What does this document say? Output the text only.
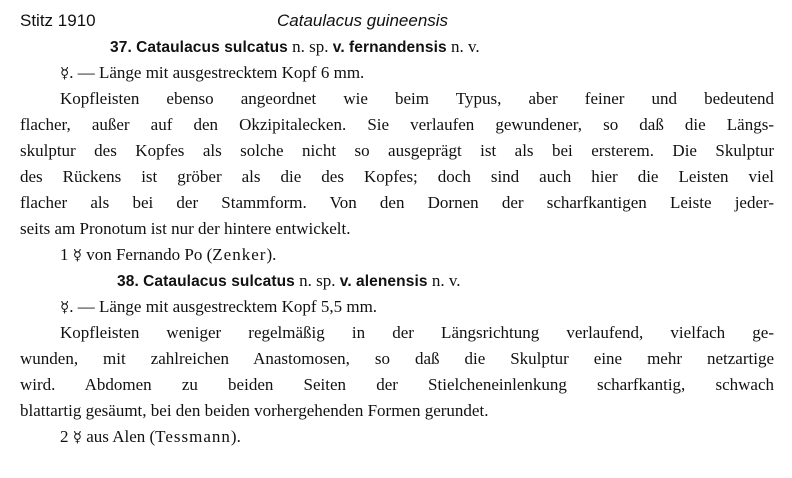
Stitz 1910	Cataulacus guineensis
37. Cataulacus sulcatus n. sp. v. fernandensis n. v.
☿. — Länge mit ausgestrecktem Kopf 6 mm.
Kopfleisten ebenso angeordnet wie beim Typus, aber feiner und bedeutend
flacher, außer auf den Okzipitalecken. Sie verlaufen gewundener, so daß die Längs-
skulptur des Kopfes als solche nicht so ausgeprägt ist als bei ersterem. Die Skulptur
des Rückens ist gröber als die des Kopfes; doch sind auch hier die Leisten viel
flacher als bei der Stammform. Von den Dornen der scharfkantigen Leiste jeder-
seits am Pronotum ist nur der hintere entwickelt.
1 ☿ von Fernando Po (Zenker).
38. Cataulacus sulcatus n. sp. v. alenensis n. v.
☿. — Länge mit ausgestrecktem Kopf 5,5 mm.
Kopfleisten weniger regelmäßig in der Längsrichtung verlaufend, vielfach ge-
wunden, mit zahlreichen Anastomosen, so daß die Skulptur eine mehr netzartige
wird. Abdomen zu beiden Seiten der Stielcheneinlenkung scharfkantig, schwach
blattartig gesäumt, bei den beiden vorhergehenden Formen gerundet.
2 ☿ aus Alen (Tessmann).
